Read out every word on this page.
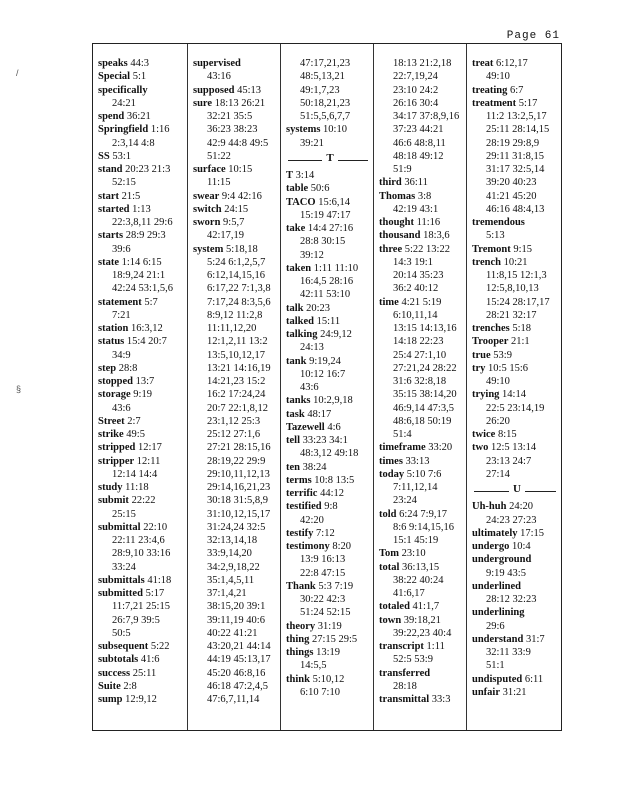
Page 61
/
§
speaks 44:3
Special 5:1
specifically
24:21
spend 36:21
Springfield 1:16
2:3,14 4:8
SS 53:1
stand 20:23 21:3
52:15
start 21:5
started 1:13
22:3,8,11 29:6
starts 28:9 29:3
39:6
state 1:14 6:15
18:9,24 21:1
42:24 53:1,5,6
statement 5:7
7:21
station 16:3,12
status 15:4 20:7
34:9
step 28:8
stopped 13:7
storage 9:19
43:6
Street 2:7
strike 49:5
stripped 12:17
stripper 12:11
12:14 14:4
study 11:18
submit 22:22
25:15
submittal 22:10
22:11 23:4,6
28:9,10 33:16
33:24
submittals 41:18
submitted 5:17
11:7,21 25:15
26:7,9 39:5
50:5
subsequent 5:22
subtotals 41:6
success 25:11
Suite 2:8
sump 12:9,12
supervised
43:16
supposed 45:13
sure 18:13 26:21
32:21 35:5
36:23 38:23
42:9 44:8 49:5
51:22
surface 10:15
11:15
swear 9:4 42:16
switch 24:15
sworn 9:5,7
42:17,19
system 5:18,18
5:24 6:1,2,5,7
6:12,14,15,16
6:17,22 7:1,3,8
7:17,24 8:3,5,6
8:9,12 11:2,8
11:11,12,20
12:1,2,11 13:2
13:5,10,12,17
13:21 14:16,19
14:21,23 15:2
16:2 17:24,24
20:7 22:1,8,12
23:1,12 25:3
25:12 27:1,6
27:21 28:15,16
28:19,22 29:9
29:10,11,12,13
29:14,16,21,23
30:18 31:5,8,9
31:10,12,15,17
31:24,24 32:5
32:13,14,18
33:9,14,20
34:2,9,18,22
35:1,4,5,11
37:1,4,21
38:15,20 39:1
39:11,19 40:6
40:22 41:21
43:20,21 44:14
44:19 45:13,17
45:20 46:8,16
46:18 47:2,4,5
47:6,7,11,14
47:17,21,23
48:5,13,21
49:1,7,23
50:18,21,23
51:5,5,6,7,7
systems 10:10
39:21
T
T 3:14
table 50:6
TACO 15:6,14
15:19 47:17
take 14:4 27:16
28:8 30:15
39:12
taken 1:11 11:10
16:4,5 28:16
42:11 53:10
talk 20:23
talked 15:11
talking 24:9,12
24:13
tank 9:19,24
10:12 16:7
43:6
tanks 10:2,9,18
task 48:17
Tazewell 4:6
tell 33:23 34:1
48:3,12 49:18
ten 38:24
terms 10:8 13:5
terrific 44:12
testified 9:8
42:20
testify 7:12
testimony 8:20
13:9 16:13
22:8 47:15
Thank 5:3 7:19
30:22 42:3
51:24 52:15
theory 31:19
thing 27:15 29:5
things 13:19
14:5,5
think 5:10,12
6:10 7:10
18:13 21:2,18
22:7,19,24
23:10 24:2
26:16 30:4
34:17 37:8,9,16
37:23 44:21
46:6 48:8,11
48:18 49:12
51:9
third 36:11
Thomas 3:8
42:19 43:1
thought 11:16
thousand 18:3,6
three 5:22 13:22
14:3 19:1
20:14 35:23
36:2 40:12
time 4:21 5:19
6:10,11,14
13:15 14:13,16
14:18 22:23
25:4 27:1,10
27:21,24 28:22
31:6 32:8,18
35:15 38:14,20
46:9,14 47:3,5
48:6,18 50:19
51:4
timeframe 33:20
times 33:13
today 5:10 7:6
7:11,12,14
23:24
told 6:24 7:9,17
8:6 9:14,15,16
15:1 45:19
Tom 23:10
total 36:13,15
38:22 40:24
41:6,17
totaled 41:1,7
town 39:18,21
39:22,23 40:4
transcript 1:11
52:5 53:9
transferred
28:18
transmittal 33:3
treat 6:12,17
49:10
treating 6:7
treatment 5:17
11:2 13:2,5,17
25:11 28:14,15
28:19 29:8,9
29:11 31:8,15
31:17 32:5,14
39:20 40:23
41:21 45:20
46:16 48:4,13
tremendous
5:13
Tremont 9:15
trench 10:21
11:8,15 12:1,3
12:5,8,10,13
15:24 28:17,17
28:21 32:17
trenches 5:18
Trooper 21:1
true 53:9
try 10:5 15:6
49:10
trying 14:14
22:5 23:14,19
26:20
twice 8:15
two 12:5 13:14
23:13 24:7
27:14
U
Uh-huh 24:20
24:23 27:23
ultimately 17:15
undergo 10:4
underground
9:19 43:5
underlined
28:12 32:23
underlining
29:6
understand 31:7
32:11 33:9
51:1
undisputed 6:11
unfair 31:21
